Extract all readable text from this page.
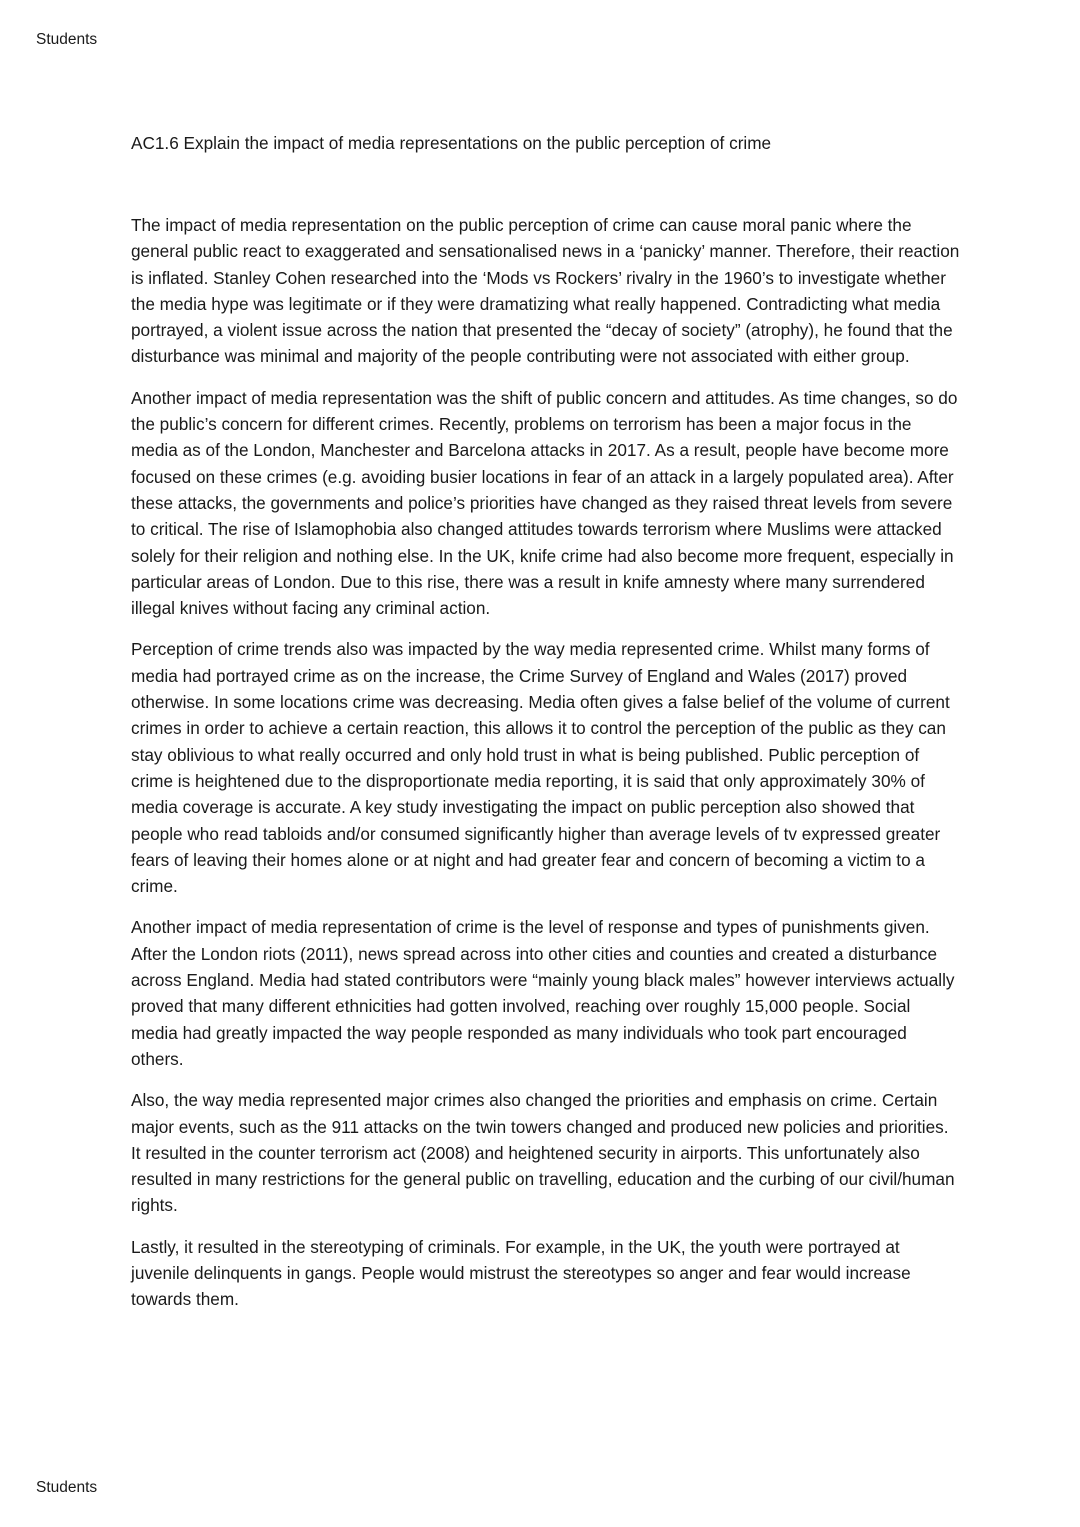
Students
AC1.6 Explain the impact of media representations on the public perception of crime

The impact of media representation on the public perception of crime can cause moral panic where the general public react to exaggerated and sensationalised news in a ‘panicky’ manner. Therefore, their reaction is inflated. Stanley Cohen researched into the ‘Mods vs Rockers’ rivalry in the 1960’s to investigate whether the media hype was legitimate or if they were dramatizing what really happened. Contradicting what media portrayed, a violent issue across the nation that presented the “decay of society” (atrophy), he found that the disturbance was minimal and majority of the people contributing were not associated with either group.

Another impact of media representation was the shift of public concern and attitudes. As time changes, so do the public’s concern for different crimes. Recently, problems on terrorism has been a major focus in the media as of the London, Manchester and Barcelona attacks in 2017. As a result, people have become more focused on these crimes (e.g. avoiding busier locations in fear of an attack in a largely populated area). After these attacks, the governments and police’s priorities have changed as they raised threat levels from severe to critical. The rise of Islamophobia also changed attitudes towards terrorism where Muslims were attacked solely for their religion and nothing else. In the UK, knife crime had also become more frequent, especially in particular areas of London. Due to this rise, there was a result in knife amnesty where many surrendered illegal knives without facing any criminal action.

Perception of crime trends also was impacted by the way media represented crime. Whilst many forms of media had portrayed crime as on the increase, the Crime Survey of England and Wales (2017) proved otherwise. In some locations crime was decreasing. Media often gives a false belief of the volume of current crimes in order to achieve a certain reaction, this allows it to control the perception of the public as they can stay oblivious to what really occurred and only hold trust in what is being published. Public perception of crime is heightened due to the disproportionate media reporting, it is said that only approximately 30% of media coverage is accurate. A key study investigating the impact on public perception also showed that people who read tabloids and/or consumed significantly higher than average levels of tv expressed greater fears of leaving their homes alone or at night and had greater fear and concern of becoming a victim to a crime.

Another impact of media representation of crime is the level of response and types of punishments given. After the London riots (2011), news spread across into other cities and counties and created a disturbance across England. Media had stated contributors were “mainly young black males” however interviews actually proved that many different ethnicities had gotten involved, reaching over roughly 15,000 people. Social media had greatly impacted the way people responded as many individuals who took part encouraged others.

Also, the way media represented major crimes also changed the priorities and emphasis on crime. Certain major events, such as the 911 attacks on the twin towers changed and produced new policies and priorities. It resulted in the counter terrorism act (2008) and heightened security in airports. This unfortunately also resulted in many restrictions for the general public on travelling, education and the curbing of our civil/human rights.

Lastly, it resulted in the stereotyping of criminals. For example, in the UK, the youth were portrayed at juvenile delinquents in gangs. People would mistrust the stereotypes so anger and fear would increase towards them.

Students
